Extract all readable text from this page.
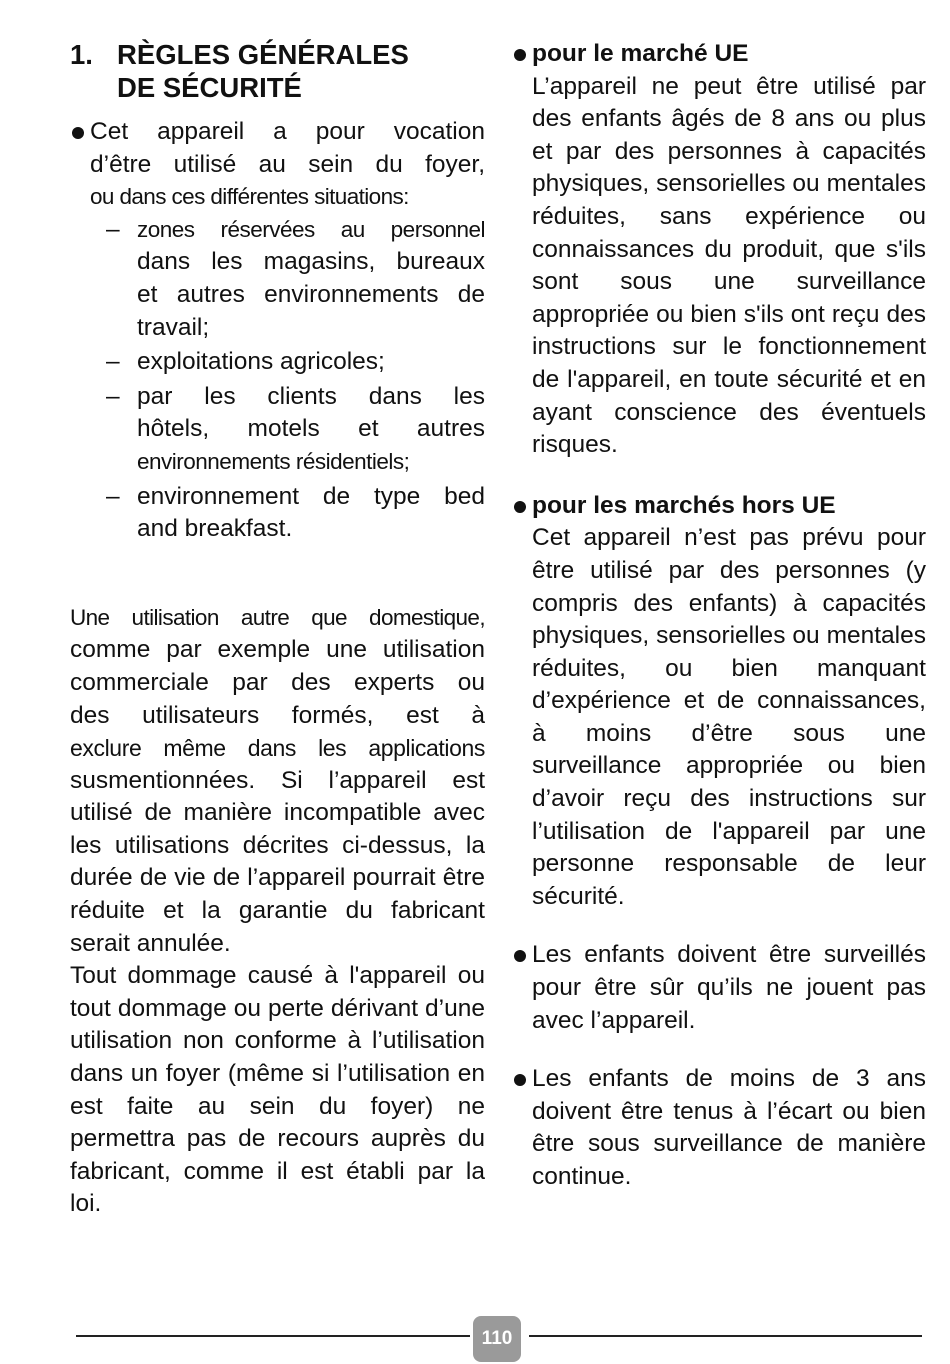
1. RÈGLES GÉNÉRALES
DE SÉCURITÉ
Cet appareil a pour vocation
d’être utilisé au sein du foyer,
ou dans ces différentes situations:
– zones réservées au personnel
dans les magasins, bureaux
et autres environnements de
travail;
– exploitations agricoles;
– par les clients dans les
hôtels, motels et autres
environnements résidentiels;
– environnement de type bed
and breakfast.

Une utilisation autre que domestique,
comme par exemple une utilisation
commerciale par des experts ou
des utilisateurs formés, est à
exclure même dans les applications
susmentionnées. Si l’appareil est utilisé de manière incompatible avec les utilisations décrites ci-dessus, la durée de vie de l’appareil pourrait être réduite et la garantie du fabricant serait annulée.

Tout dommage causé à l'appareil ou tout dommage ou perte dérivant d’une utilisation non conforme à l’utilisation dans un foyer (même si l’utilisation en est faite au sein du foyer) ne permettra pas de recours auprès du fabricant, comme il est établi par la loi.

pour le marché UE
L’appareil ne peut être utilisé par des enfants âgés de 8 ans ou plus et par des personnes à capacités physiques, sensorielles ou mentales réduites, sans expérience ou connaissances du produit, que s'ils sont sous une surveillance appropriée ou bien s'ils ont reçu des instructions sur le fonctionnement de l'appareil, en toute sécurité et en ayant conscience des éventuels risques.
pour les marchés hors UE
Cet appareil n’est pas prévu pour être utilisé par des personnes (y compris des enfants) à capacités physiques, sensorielles ou mentales réduites, ou bien manquant d’expérience et de connaissances, à moins d’être sous une surveillance appropriée ou bien d’avoir reçu des instructions sur l’utilisation de l'appareil par une personne responsable de leur sécurité.
Les enfants doivent être surveillés pour être sûr qu’ils ne jouent pas avec l’appareil.
Les enfants de moins de 3 ans doivent être tenus à l’écart ou bien être sous surveillance de manière continue.
110
